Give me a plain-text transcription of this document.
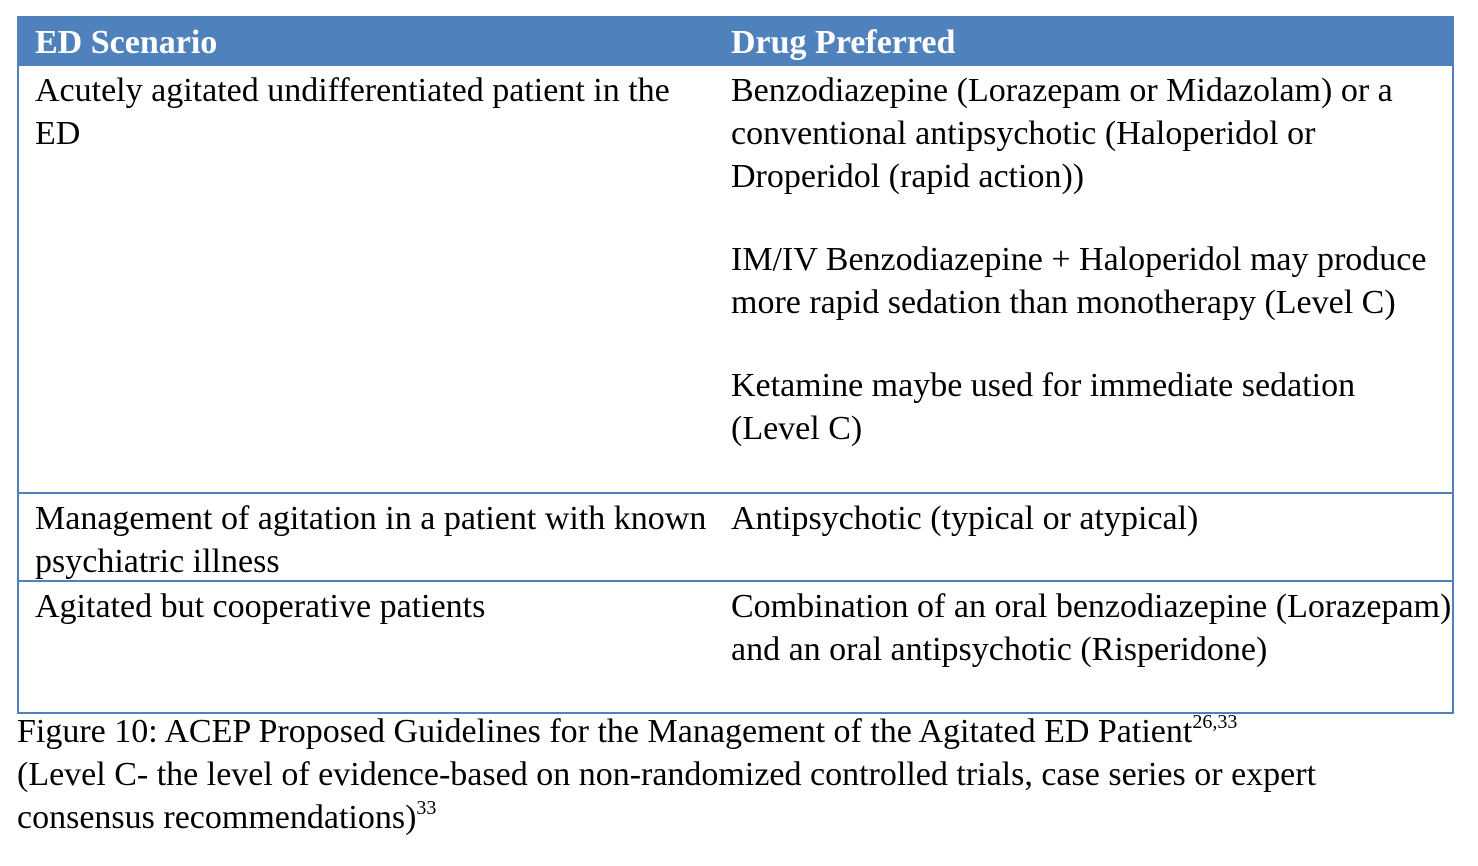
ED Scenario	Drug Preferred
Acutely agitated undifferentiated patient in the ED

Benzodiazepine (Lorazepam or Midazolam) or a conventional antipsychotic (Haloperidol or Droperidol (rapid action))

IM/IV Benzodiazepine + Haloperidol may produce more rapid sedation than monotherapy (Level C)

Ketamine maybe used for immediate sedation (Level C)

Management of agitation in a patient with known psychiatric illness

Antipsychotic (typical or atypical)

Agitated but cooperative patients	Combination of an oral benzodiazepine (Lorazepam) and an oral antipsychotic (Risperidone)

Figure 10: ACEP Proposed Guidelines for the Management of the Agitated ED Patient$^{26,33}$

(Level C- the level of evidence-based on non-randomized controlled trials, case series or expert consensus recommendations)$^{33}$
